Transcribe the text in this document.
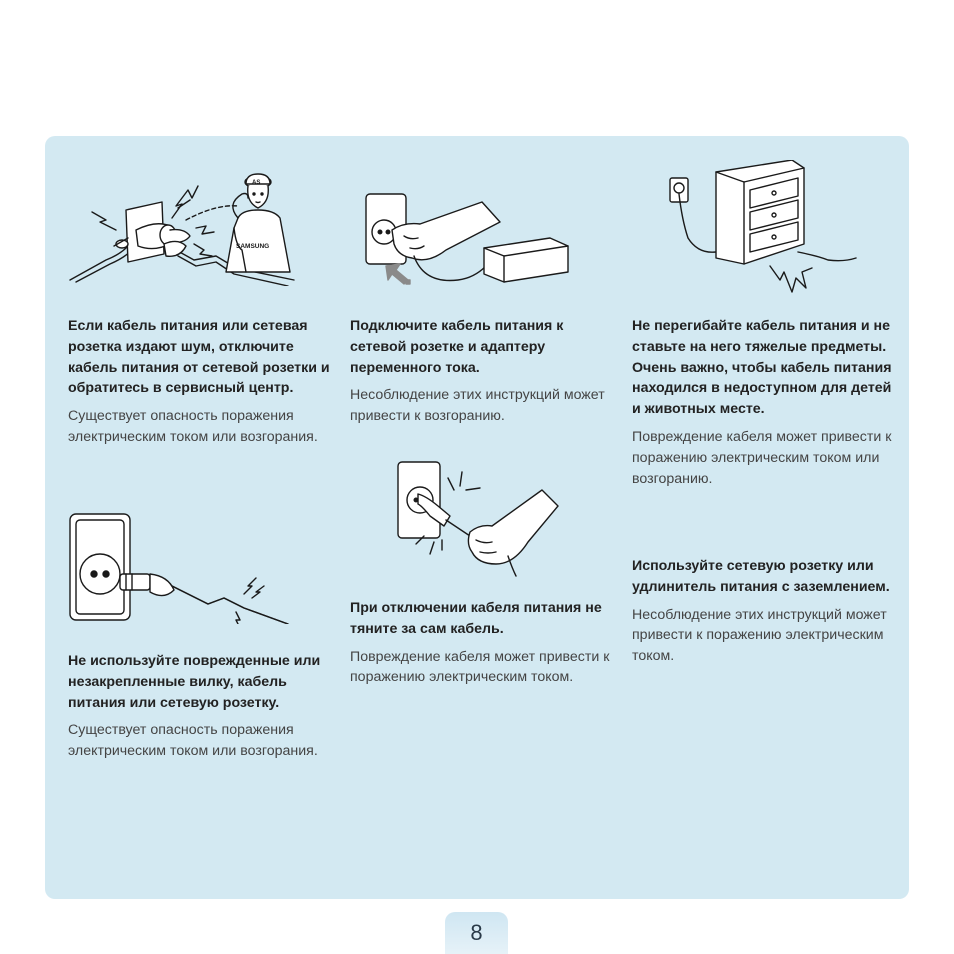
AS
SAMSUNG

Если кабель питания или сетевая розетка издают шум, отключите кабель питания от сетевой розетки и обратитесь в сервисный центр.

Существует опасность поражения электрическим током или возгорания.

Не используйте поврежденные или незакрепленные вилку, кабель питания или сетевую розетку.

Существует опасность поражения электрическим током или возгорания.

Подключите кабель питания к сетевой розетке и адаптеру переменного тока.

Несоблюдение этих инструкций может привести к возгоранию.

При отключении кабеля питания не тяните за сам кабель.

Повреждение кабеля может привести к поражению электрическим током.

Не перегибайте кабель питания и не ставьте на него тяжелые предметы. Очень важно, чтобы кабель питания находился в недоступном для детей и животных месте.

Повреждение кабеля может привести к поражению электрическим током или возгоранию.

Используйте сетевую розетку или удлинитель питания с заземлением.

Несоблюдение этих инструкций может привести к поражению электрическим током.

8
